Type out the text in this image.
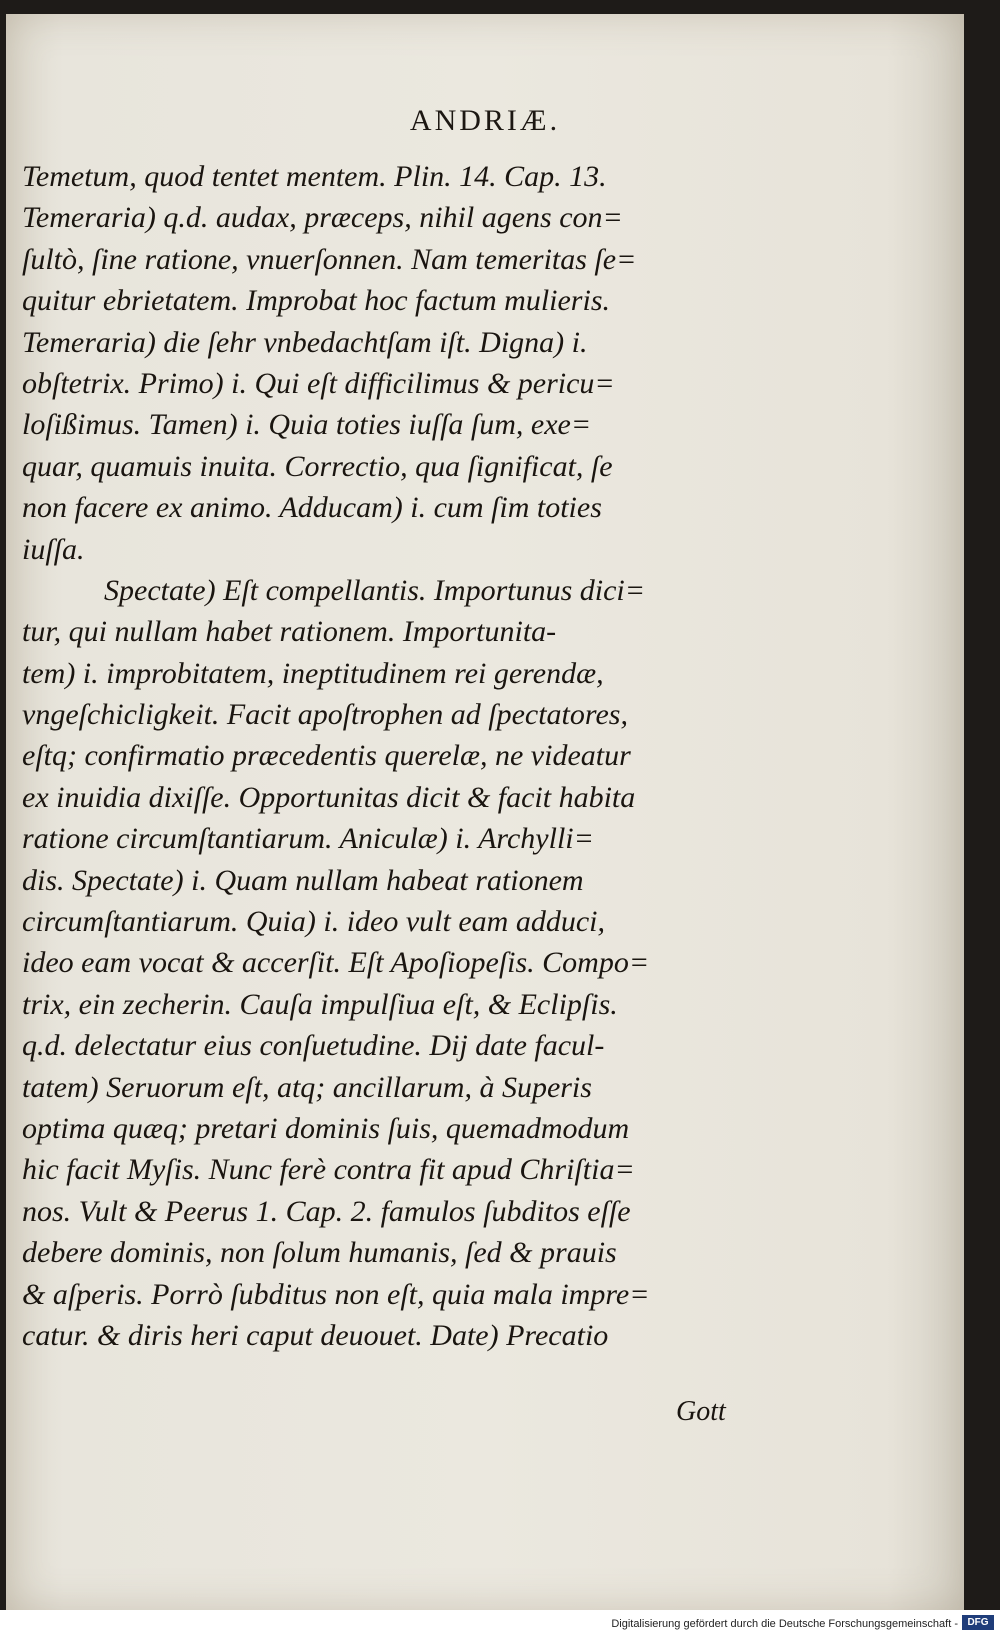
ANDRIÆ.
Temetum, quod tentet mentem. Plin. 14. Cap. 13.
Temeraria) q.d. audax, præceps, nihil agens con=
ſultò, ſine ratione, vnuerſonnen. Nam temeritas ſe=
quitur ebrietatem. Improbat hoc factum mulieris.
Temeraria) die ſehr vnbedachtſam iſt. Digna) i.
obſtetrix. Primo) i. Qui eſt difficilimus & pericu=
loſißimus. Tamen) i. Quia toties iuſſa ſum, exe=
quar, quamuis inuita. Correctio, qua ſignificat, ſe
non facere ex animo. Adducam) i. cum ſim toties
iuſſa.
Spectate) Eſt compellantis. Importunus dici=
tur, qui nullam habet rationem. Importunita-
tem) i. improbitatem, ineptitudinem rei gerendæ,
vngeſchicligkeit. Facit apoſtrophen ad ſpectatores,
eſtq; confirmatio præcedentis querelæ, ne videatur
ex inuidia dixiſſe. Opportunitas dicit & facit habita
ratione circumſtantiarum. Aniculæ) i. Archylli=
dis. Spectate) i. Quam nullam habeat rationem
circumſtantiarum. Quia) i. ideo vult eam adduci,
ideo eam vocat & accerſit. Eſt Apoſiopeſis. Compo=
trix, ein zecherin. Cauſa impulſiua eſt, & Eclipſis.
q.d. delectatur eius conſuetudine. Dij date facul-
tatem) Seruorum eſt, atq; ancillarum, à Superis
optima quæq; pretari dominis ſuis, quemadmodum
hic facit Myſis. Nunc ferè contra fit apud Chriſtia=
nos. Vult & Peerus 1. Cap. 2. famulos ſubditos eſſe
debere dominis, non ſolum humanis, ſed & prauis
& aſperis. Porrò ſubditus non eſt, quia mala impre=
catur. & diris heri caput deuouet. Date) Precatio
Gott
Digitalisierung gefördert durch die Deutsche Forschungsgemeinschaft - DFG
